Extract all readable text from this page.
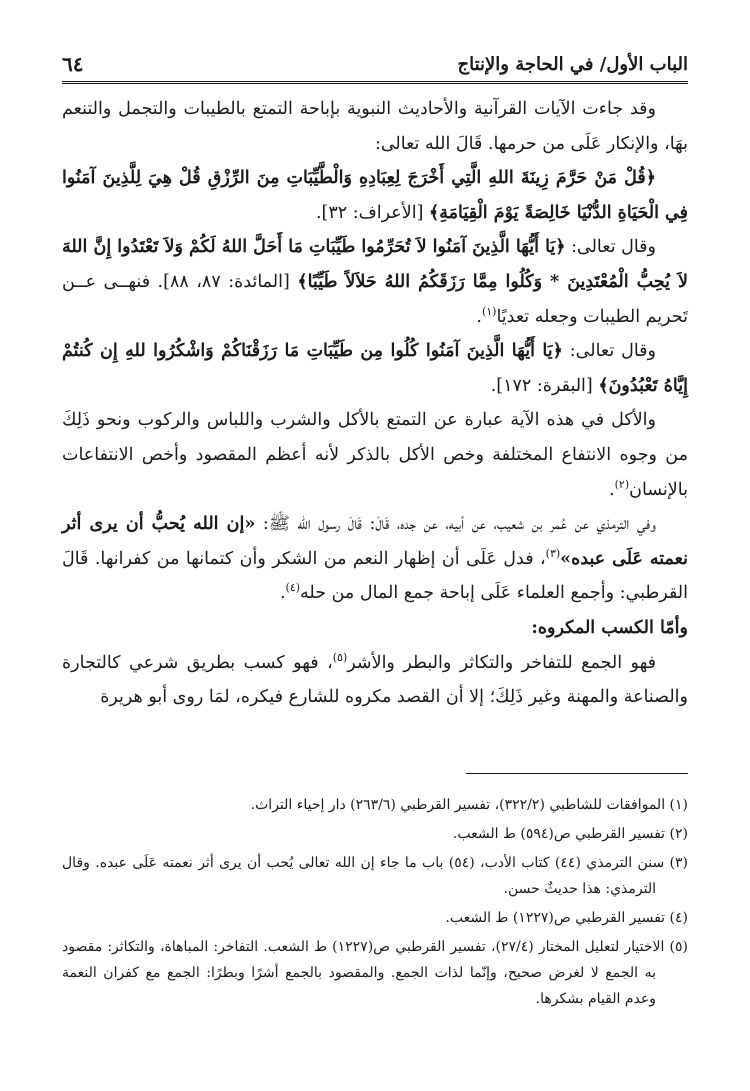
الباب الأول/ في الحاجة والإنتاج
٦٤

وقد جاءت الآيات القرآنية والأحاديث النبوية بإباحة التمتع بالطيبات والتجمل والتنعم بهَا، والإنكار عَلَى من حرمها. قَالَ الله تعالى:

﴿قُلْ مَنْ حَرَّمَ زِينَةَ اللهِ الَّتِي أَخْرَجَ لِعِبَادِهِ وَالْطَّيِّبَاتِ مِنَ الرِّزْقِ قُلْ هِيَ لِلَّذِينَ آمَنُوا فِي الْحَيَاةِ الدُّنْيَا خَالِصَةً يَوْمَ الْقِيَامَةِ﴾ [الأعراف: ٣٢].

وقال تعالى: ﴿يَا أَيُّهَا الَّذِينَ آمَنُوا لاَ تُحَرِّمُوا طَيِّبَاتِ مَا أَحَلَّ اللهُ لَكُمْ وَلاَ تَعْتَدُوا إِنَّ اللهَ لاَ يُحِبُّ الْمُعْتَدِينَ * وَكُلُوا مِمَّا رَزَقَكُمُ اللهُ حَلاَلاً طَيِّبًا﴾ [المائدة: ٨٧، ٨٨]. فنهــى عــن تَحريم الطيبات وجعله تعديًا$^{(١)}$.

وقال تعالى: ﴿يَا أَيُّهَا الَّذِينَ آمَنُوا كُلُوا مِن طَيِّبَاتِ مَا رَزَقْنَاكُمْ وَاشْكُرُوا للهِ إِن كُنتُمْ إِيَّاهُ تَعْبُدُونَ﴾ [البقرة: ١٧٢].

والأكل في هذه الآية عبارة عن التمتع بالأكل والشرب واللباس والركوب ونحو ذَلِكَ من وجوه الانتفاع المختلفة وخص الأكل بالذكر لأنه أعظم المقصود وأخص الانتفاعات بالإنسان$^{(٢)}$.

وفي الترمذي عن عُمر بن شعيب، عن أبيه، عن جده، قَالَ: قَالَ رسول الله ﷺ: «إن الله يُحبُّ أن يرى أثر نعمته عَلَى عبده»$^{(٣)}$، فدل عَلَى أن إظهار النعم من الشكر وأن كتمانها من كفرانها. قَالَ القرطبي: وأجمع العلماء عَلَى إباحة جمع المال من حله$^{(٤)}$.

وأمّا الكسب المكروه:

فهو الجمع للتفاخر والتكاثر والبطر والأشر$^{(٥)}$، فهو كسب بطريق شرعي كالتجارة والصناعة والمهنة وغير ذَلِكَ؛ إلا أن القصد مكروه للشارع فيكره، لمَا روى أبو هريرة

(١) الموافقات للشاطبي (٣٢٢/٢)، تفسير القرطبي (٢٦٣/٦) دار إحياء التراث.

(٢) تفسير القرطبي ص(٥٩٤) ط الشعب.

(٣) سنن الترمذي (٤٤) كتاب الأدب، (٥٤) باب ما جاء إن الله تعالى يُحب أن يرى أثر نعمته عَلَى عبده. وقال الترمذي: هذا حديثٌ حسن.

(٤) تفسير القرطبي ص(١٢٢٧) ط الشعب.

(٥) الاختيار لتعليل المختار (٢٧/٤)، تفسير القرطبي ص(١٢٢٧) ط الشعب. التفاخر: المباهاة، والتكاثر: مقصود به الجمع لا لغرض صحيح، وإنّما لذات الجمع. والمقصود بالجمع أشرًا وبطرًا: الجمع مع كفران النعمة وعدم القيام بشكرها.
